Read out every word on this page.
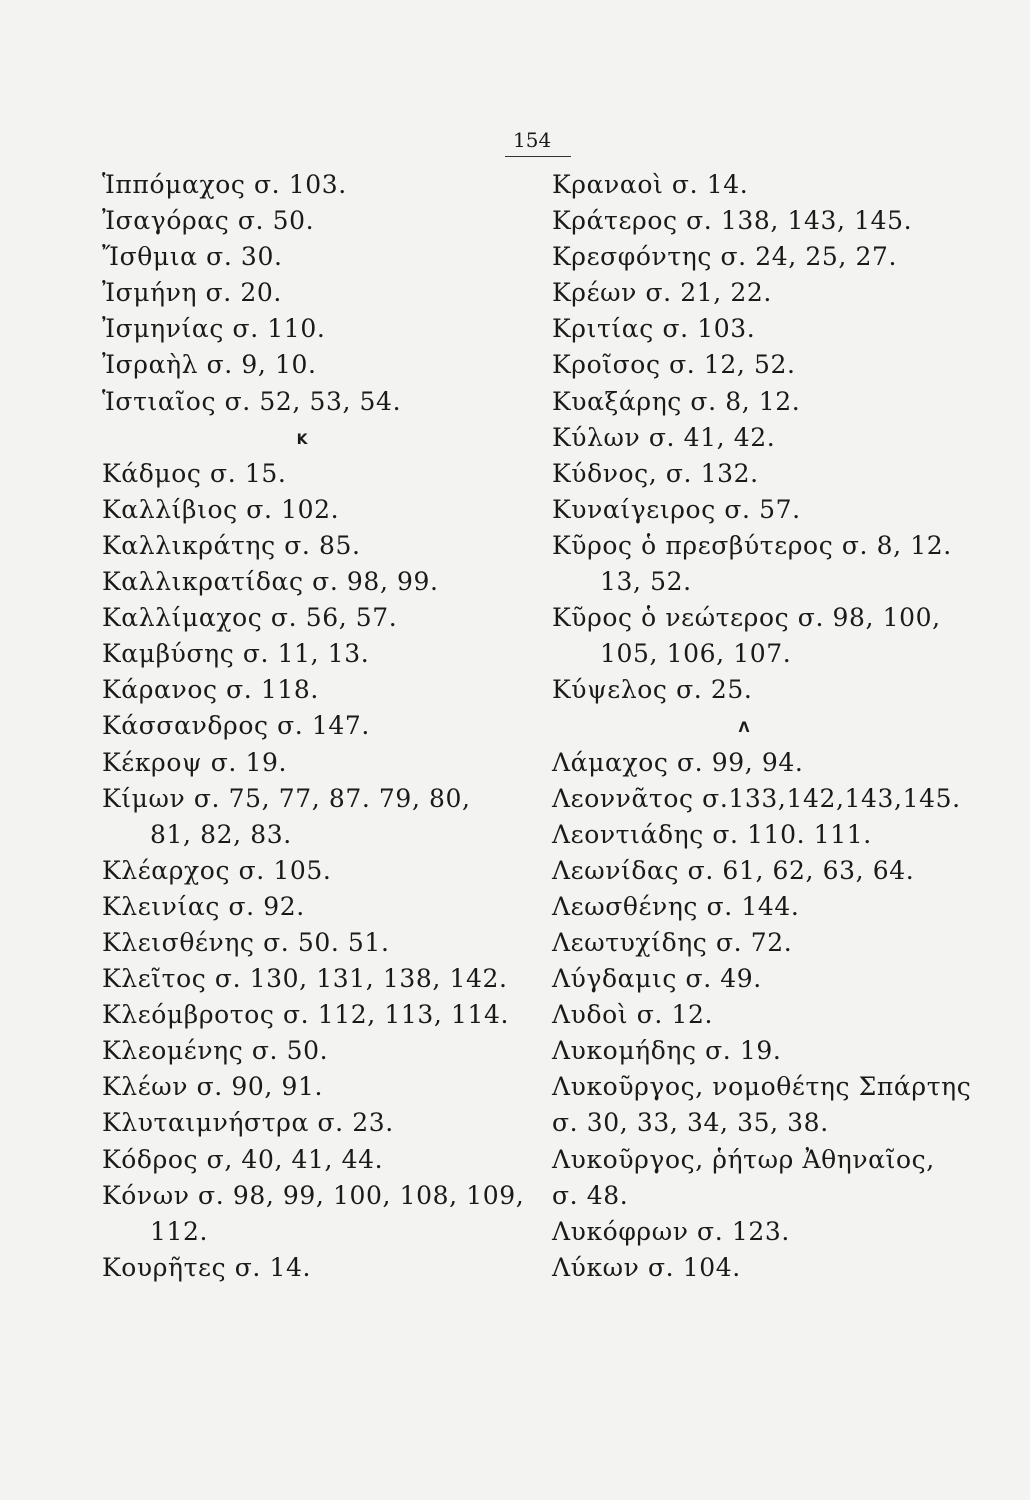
154
Ἱππόμαχος σ. 103.
Ἰσαγόρας σ. 50.
Ἴσθμια σ. 30.
Ἰσμήνη σ. 20.
Ἰσμηνίας σ. 110.
Ἰσραὴλ σ. 9, 10.
Ἱστιαῖος σ. 52, 53, 54.
Κ
Κάδμος σ. 15.
Καλλίβιος σ. 102.
Καλλικράτης σ. 85.
Καλλικρατίδας σ. 98, 99.
Καλλίμαχος σ. 56, 57.
Καμβύσης σ. 11, 13.
Κάρανος σ. 118.
Κάσσανδρος σ. 147.
Κέκροψ σ. 19.
Κίμων σ. 75, 77, 87. 79, 80,
81, 82, 83.
Κλέαρχος σ. 105.
Κλεινίας σ. 92.
Κλεισθένης σ. 50. 51.
Κλεῖτος σ. 130, 131, 138, 142.
Κλεόμβροτος σ. 112, 113, 114.
Κλεομένης σ. 50.
Κλέων σ. 90, 91.
Κλυταιμνήστρα σ. 23.
Κόδρος σ, 40, 41, 44.
Κόνων σ. 98, 99, 100, 108, 109,
112.
Κουρῆτες σ. 14.
Κραναοὶ σ. 14.
Κράτερος σ. 138, 143, 145.
Κρεσφόντης σ. 24, 25, 27.
Κρέων σ. 21, 22.
Κριτίας σ. 103.
Κροῖσος σ. 12, 52.
Κυαξάρης σ. 8, 12.
Κύλων σ. 41, 42.
Κύδνος, σ. 132.
Κυναίγειρος σ. 57.
Κῦρος ὁ πρεσβύτερος σ. 8, 12.
13, 52.
Κῦρος ὁ νεώτερος σ. 98, 100,
105, 106, 107.
Κύψελος σ. 25.
Λ
Λάμαχος σ. 99, 94.
Λεοννᾶτος σ.133,142,143,145.
Λεοντιάδης σ. 110. 111.
Λεωνίδας σ. 61, 62, 63, 64.
Λεωσθένης σ. 144.
Λεωτυχίδης σ. 72.
Λύγδαμις σ. 49.
Λυδοὶ σ. 12.
Λυκομήδης σ. 19.
Λυκοῦργος, νομοθέτης Σπάρτης
σ. 30, 33, 34, 35, 38.
Λυκοῦργος, ῥήτωρ Ἀθηναῖος,
σ. 48.
Λυκόφρων σ. 123.
Λύκων σ. 104.
